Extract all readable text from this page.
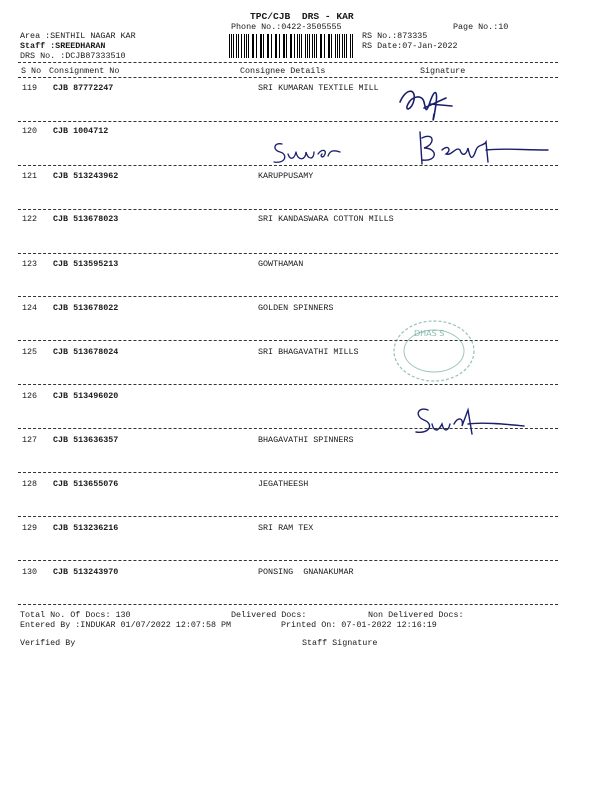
TPC/CJB  DRS - KAR
Phone No.:0422-3505555	Page No.:10
Area :SENTHIL NAGAR KAR
Staff :SREEDHARAN
DRS No. :DCJB87333510
RS No.:873335
RS Date:07-Jan-2022
S No Consignment No	Consignee Details	Signature
119 CJB 87772247	SRI KUMARAN TEXTILE MILL
120 CJB 1004712
121 CJB 513243962	KARUPPUSAMY
122 CJB 513678023	SRI KANDASWARA COTTON MILLS
123 CJB 513595213	GOWTHAMAN
124 CJB 513678022	GOLDEN SPINNERS
125 CJB 513678024	SRI BHAGAVATHI MILLS
126 CJB 513496020
127 CJB 513636357	BHAGAVATHI SPINNERS
128 CJB 513655076	JEGATHEESH
129 CJB 513236216	SRI RAM TEX
130 CJB 513243970	PONSING  GNANAKUMAR
Total No. Of Docs: 130	Delivered Docs:	Non Delivered Docs:
Entered By :INDUKAR 01/07/2022 12:07:58 PM	Printed On: 07-01-2022 12:16:19
Verified By	Staff Signature
DHAS S
